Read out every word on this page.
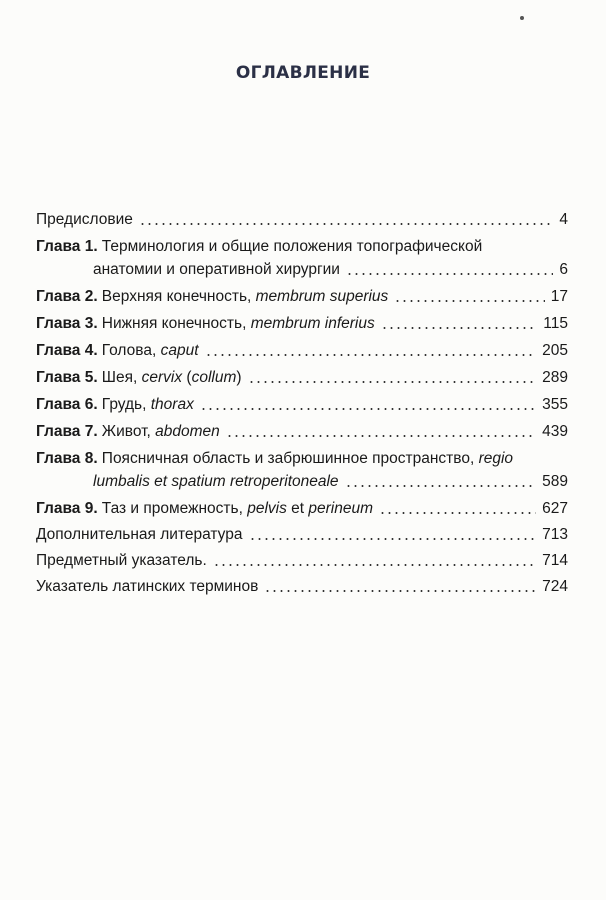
ОГЛАВЛЕНИЕ
Предисловие	4
Глава 1. Терминология и общие положения топографической
анатомии и оперативной хирургии	6
Глава 2. Верхняя конечность, membrum superius	17
Глава 3. Нижняя конечность, membrum inferius	115
Глава 4. Голова, caput	205
Глава 5. Шея, cervix (collum)	289
Глава 6. Грудь, thorax	355
Глава 7. Живот, abdomen	439
Глава 8. Поясничная область и забрюшинное пространство, regio
lumbalis et spatium retroperitoneale	589
Глава 9. Таз и промежность, pelvis et perineum	627
Дополнительная литература	713
Предметный указатель.	714
Указатель латинских терминов	724
